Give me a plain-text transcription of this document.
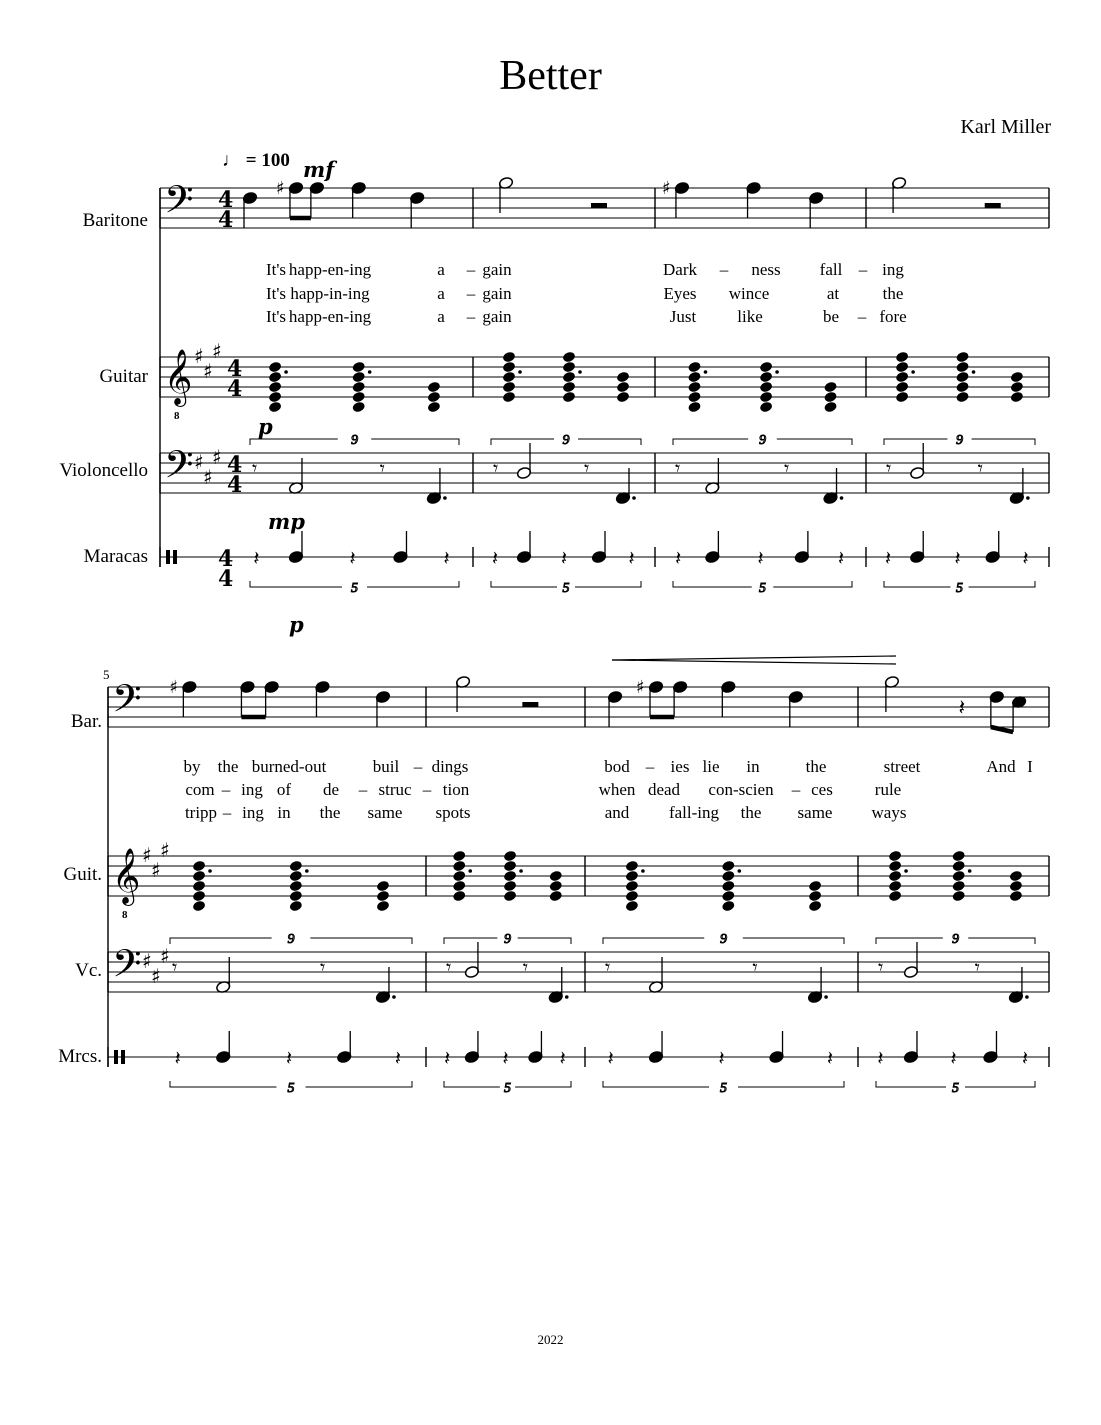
Better
Karl Miller
♩ = 100
Baritone
Guitar
Violoncello
Maracas
Bar.
Guit.
Vc.
Mrcs.
5
mf
p
mp
p
It's happ-en-ing	a – gain	Dark – ness fall – ing
It's happ-in-ing	a – gain	Eyes wince	at	the
It's happ-en-ing	a – gain	Just like	be – fore
by the burned-out	buil – dings	bod – ies lie in	the	street	And I
com – ing of de – struc – tion	when dead con-scien – ces rule
tripp – ing in the same spots	and fall-ing the same ways
2022
𝄢 4
4
𝄞
8
♯
♯
♯
4
4
𝄢 ♯
♯
♯ 4
4
4
4
𝄢
𝄞
8
♯
♯
♯
𝄢 ♯
♯
♯
♯	♯
𝄾	𝄾	𝄾	𝄾	𝄾	𝄾	𝄾	𝄾
𝄽	𝄽	𝄽 𝄽	𝄽	𝄽 𝄽	𝄽	𝄽 𝄽	𝄽	𝄽
♯	♯
𝄽
𝄾	𝄾	𝄾	𝄾	𝄾	𝄾	𝄾	𝄾
𝄽	𝄽	𝄽 𝄽	𝄽	𝄽 𝄽	𝄽	𝄽 𝄽	𝄽	𝄽
9	9	9	9
5	5	5	5
9	9	9	9
5	5	5	5
